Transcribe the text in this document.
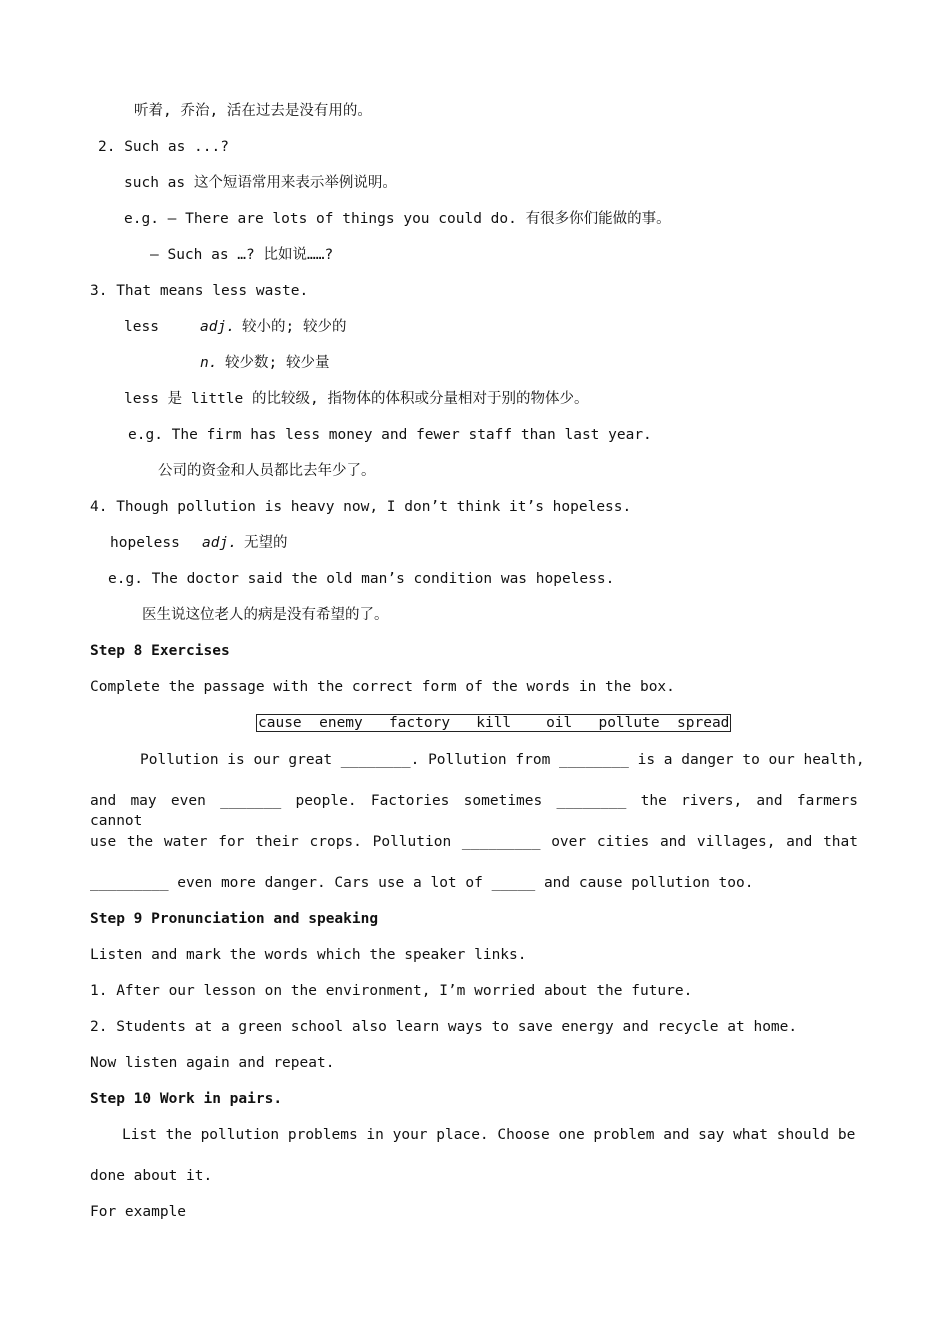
听着, 乔治, 活在过去是没有用的。
2. Such as ...?
such as 这个短语常用来表示举例说明。
e.g. — There are lots of things you could do. 有很多你们能做的事。
— Such as …? 比如说……?
3. That means less waste.
less	adj. 较小的; 较少的
n. 较少数; 较少量
less 是 little 的比较级, 指物体的体积或分量相对于别的物体少。
e.g. The firm has less money and fewer staff than last year.
公司的资金和人员都比去年少了。
4. Though pollution is heavy now, I don’t think it’s hopeless.
hopeless adj. 无望的
e.g. The doctor said the old man’s condition was hopeless.
医生说这位老人的病是没有希望的了。
Step 8 Exercises
Complete the passage with the correct form of the words in the box.
cause  enemy   factory   kill    oil   pollute  spread
Pollution is our great ________. Pollution from ________ is a danger to our health,
and may even _______ people. Factories sometimes ________ the rivers, and farmers cannot
use the water for their crops. Pollution _________ over cities and villages, and that
_________ even more danger. Cars use a lot of _____ and cause pollution too.
Step 9 Pronunciation and speaking
Listen and mark the words which the speaker links.
1. After our lesson on the environment, I’m worried about the future.
2. Students at a green school also learn ways to save energy and recycle at home.
Now listen again and repeat.
Step 10 Work in pairs.
List the pollution problems in your place. Choose one problem and say what should be
done about it.
For example
